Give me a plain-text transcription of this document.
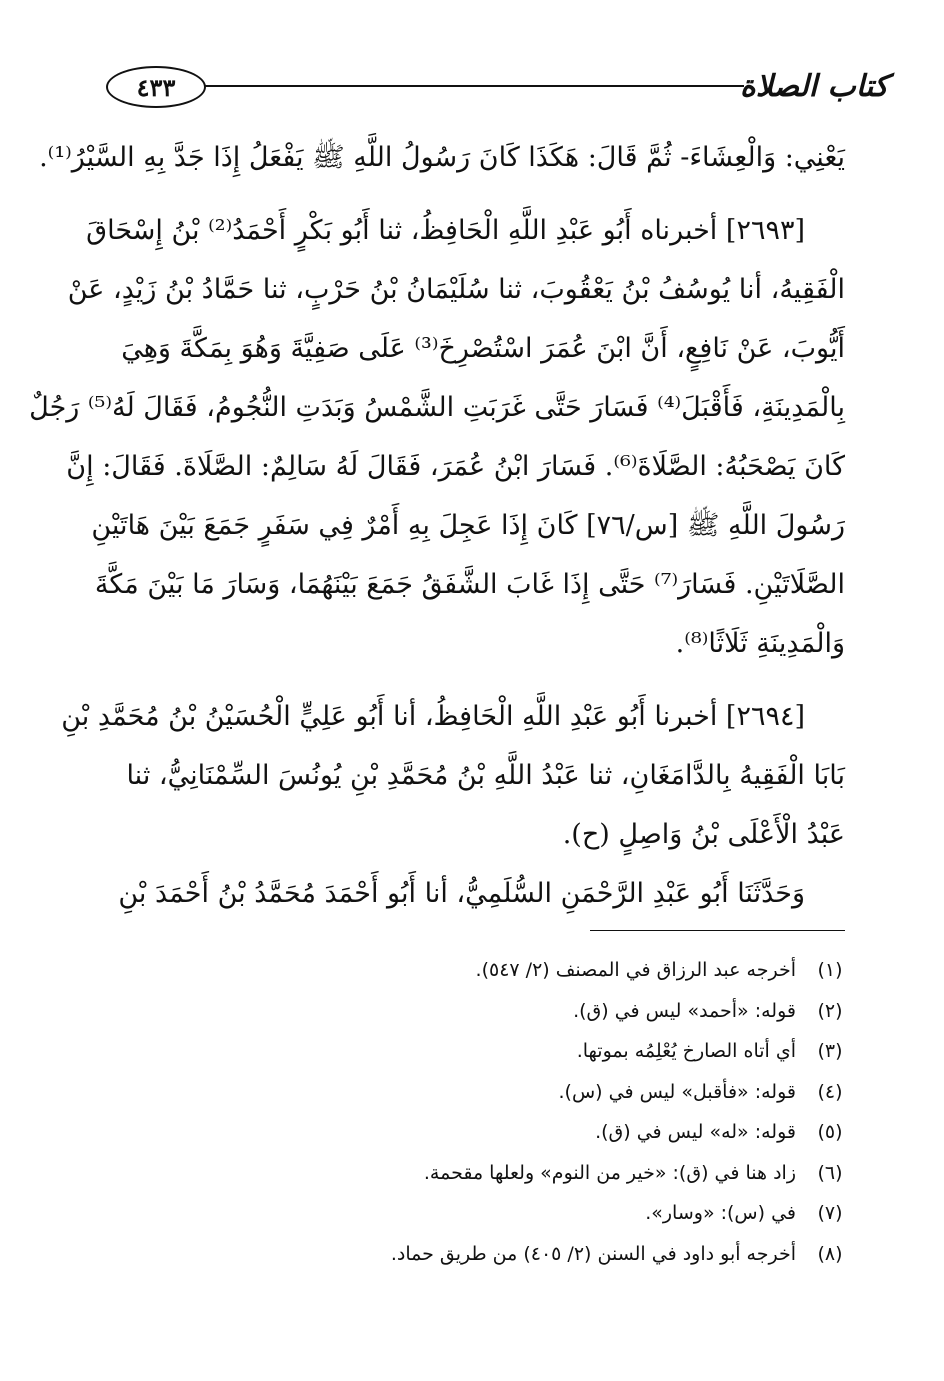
٤٣٣	كتاب الصلاة
يَعْنِي: وَالْعِشَاءَ- ثُمَّ قَالَ: هَكَذَا كَانَ رَسُولُ اللَّهِ ﷺ يَفْعَلُ إِذَا جَدَّ بِهِ السَّيْرُ⁽¹⁾.
[٢٦٩٣] أخبرناه أَبُو عَبْدِ اللَّهِ الْحَافِظُ، ثنا أَبُو بَكْرٍ أَحْمَدُ⁽²⁾ بْنُ إِسْحَاقَ
الْفَقِيهُ، أنا يُوسُفُ بْنُ يَعْقُوبَ، ثنا سُلَيْمَانُ بْنُ حَرْبٍ، ثنا حَمَّادُ بْنُ زَيْدٍ، عَنْ
أَيُّوبَ، عَنْ نَافِعٍ، أَنَّ ابْنَ عُمَرَ اسْتُصْرِخَ⁽³⁾ عَلَى صَفِيَّةَ وَهُوَ بِمَكَّةَ وَهِيَ
بِالْمَدِينَةِ، فَأَقْبَلَ⁽⁴⁾ فَسَارَ حَتَّى غَرَبَتِ الشَّمْسُ وَبَدَتِ النُّجُومُ، فَقَالَ لَهُ⁽⁵⁾ رَجُلٌ
كَانَ يَصْحَبُهُ: الصَّلَاةَ⁽⁶⁾. فَسَارَ ابْنُ عُمَرَ، فَقَالَ لَهُ سَالِمٌ: الصَّلَاةَ. فَقَالَ: إِنَّ
رَسُولَ اللَّهِ ﷺ [س/٧٦] كَانَ إِذَا عَجِلَ بِهِ أَمْرٌ فِي سَفَرٍ جَمَعَ بَيْنَ هَاتَيْنِ
الصَّلَاتَيْنِ. فَسَارَ⁽⁷⁾ حَتَّى إِذَا غَابَ الشَّفَقُ جَمَعَ بَيْنَهُمَا، وَسَارَ مَا بَيْنَ مَكَّةَ
وَالْمَدِينَةِ ثَلَاثًا⁽⁸⁾.
[٢٦٩٤] أخبرنا أَبُو عَبْدِ اللَّهِ الْحَافِظُ، أنا أَبُو عَلِيٍّ الْحُسَيْنُ بْنُ مُحَمَّدِ بْنِ
بَابَا الْفَقِيهُ بِالدَّامَغَانِ، ثنا عَبْدُ اللَّهِ بْنُ مُحَمَّدِ بْنِ يُونُسَ السِّمْنَانِيُّ، ثنا
عَبْدُ الْأَعْلَى بْنُ وَاصِلٍ (ح).
وَحَدَّثَنَا أَبُو عَبْدِ الرَّحْمَنِ السُّلَمِيُّ، أنا أَبُو أَحْمَدَ مُحَمَّدُ بْنُ أَحْمَدَ بْنِ
(١)أخرجه عبد الرزاق في المصنف (٢/ ٥٤٧).
(٢)قوله: «أحمد» ليس في (ق).
(٣)أي أتاه الصارخ يُعْلِمُه بموتها.
(٤)قوله: «فأقبل» ليس في (س).
(٥)قوله: «له» ليس في (ق).
(٦)زاد هنا في (ق): «خير من النوم» ولعلها مقحمة.
(٧)في (س): «وسار».
(٨)أخرجه أبو داود في السنن (٢/ ٤٠٥) من طريق حماد.
